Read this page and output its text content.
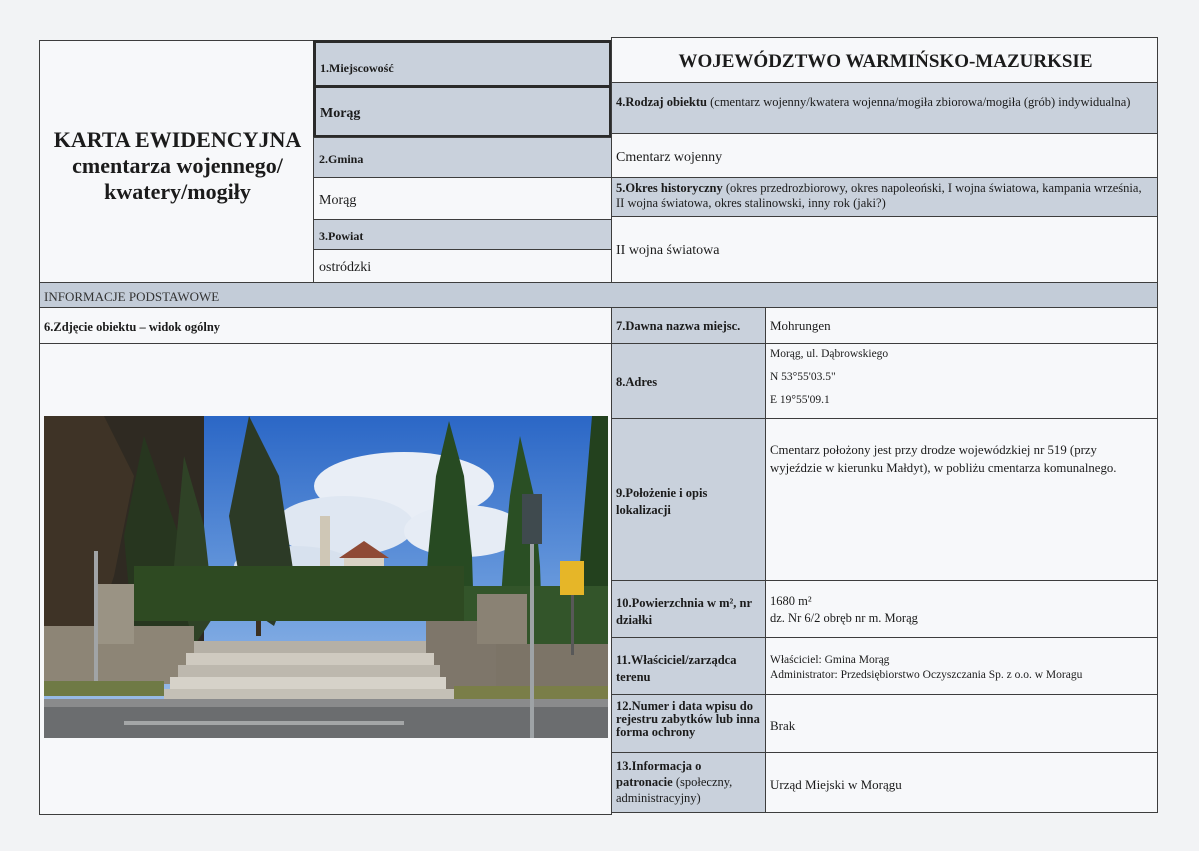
KARTA EWIDENCYJNA
cmentarza wojennego/
kwatery/mogiły
1.Miejscowość
Morąg
2.Gmina
Morąg
3.Powiat
ostródzki
WOJEWÓDZTWO WARMIŃSKO-MAZURKSIE
4.Rodzaj obiektu (cmentarz wojenny/kwatera wojenna/mogiła zbiorowa/mogiła (grób) indywidualna)
Cmentarz wojenny
5.Okres historyczny (okres przedrozbiorowy, okres napoleoński, I wojna światowa, kampania września, II wojna światowa, okres stalinowski, inny rok (jaki?)
II wojna światowa
INFORMACJE PODSTAWOWE
6.Zdjęcie obiektu – widok ogólny	7.Dawna nazwa miejsc. Mohrungen
8.Adres
Morąg, ul. Dąbrowskiego
N 53°55'03.5"
E 19°55'09.1
9.Położenie i opis lokalizacji
Cmentarz położony jest przy drodze wojewódzkiej nr 519 (przy wyjeździe w kierunku Małdyt), w pobliżu cmentarza komunalnego.
10.Powierzchnia w m², nr działki
1680 m²
dz. Nr 6/2 obręb nr m. Morąg
11.Właściciel/zarządca terenu
Właściciel: Gmina Morąg
Administrator: Przedsiębiorstwo Oczyszczania Sp. z o.o. w Moragu
12.Numer i data wpisu do rejestru zabytków lub inna forma ochrony	Brak
13.Informacja o
patronacie (społeczny, administracyjny)
Urząd Miejski w Morągu
